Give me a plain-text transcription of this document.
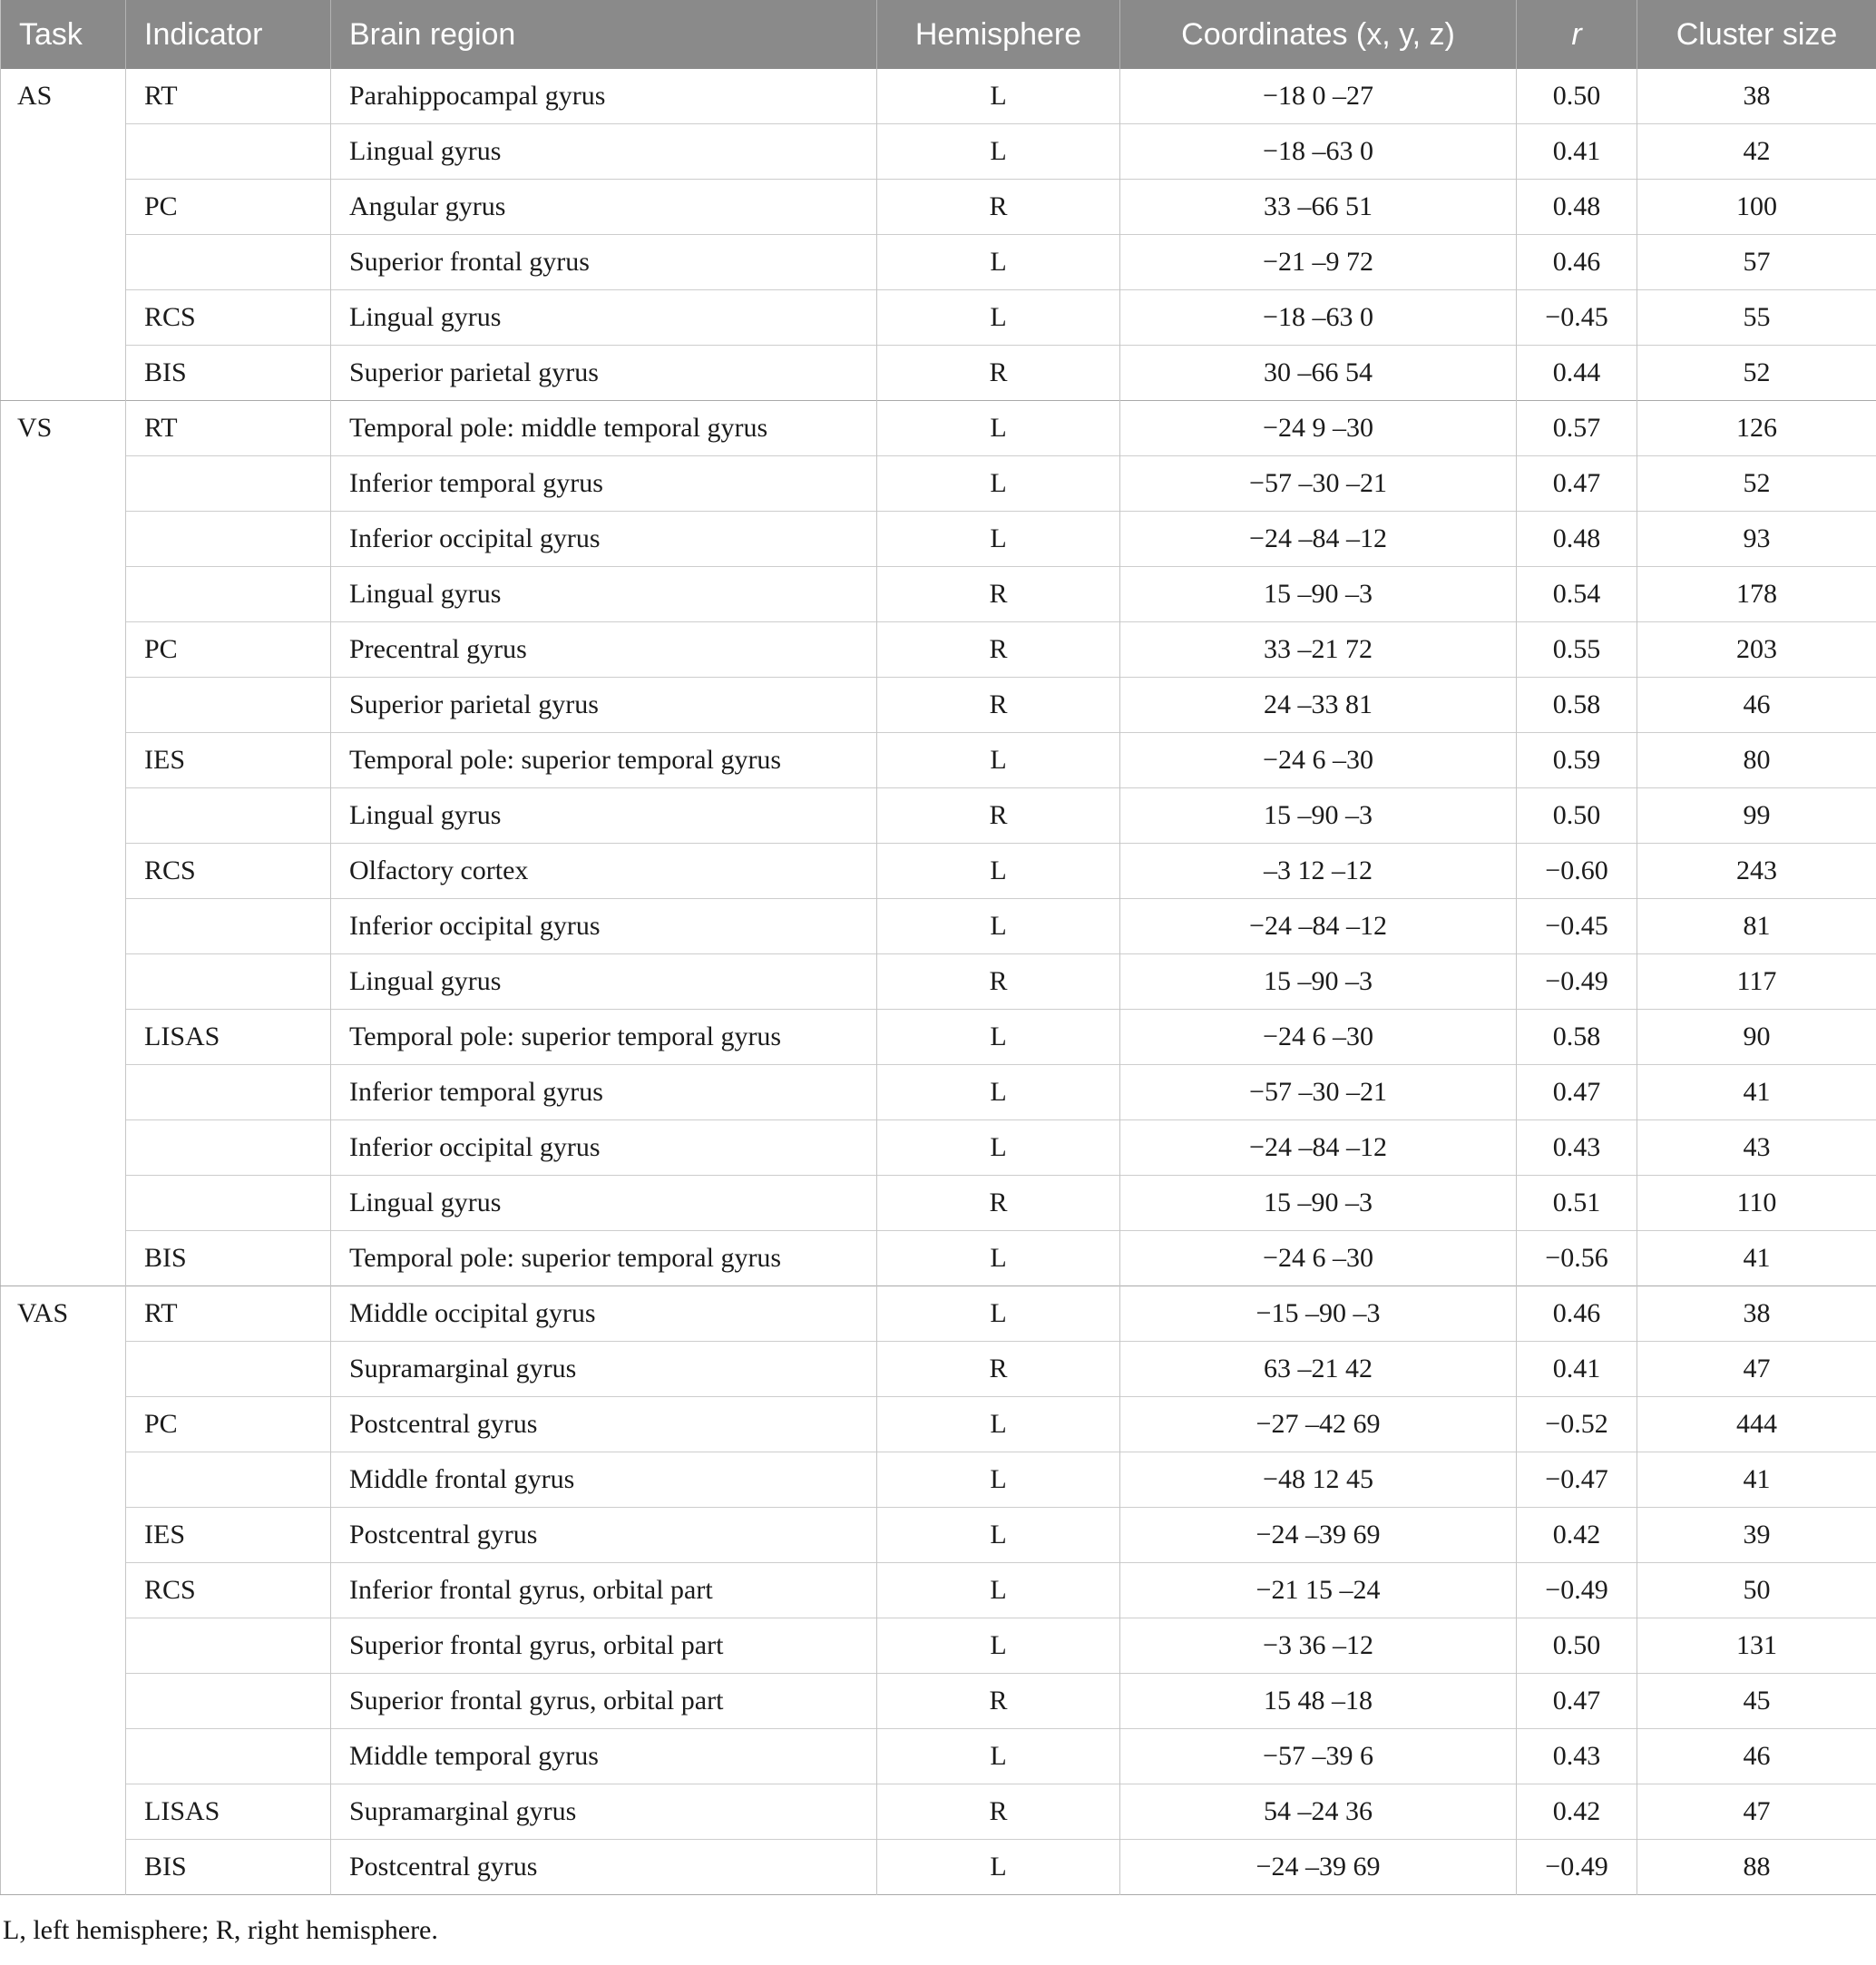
Task	Indicator	Brain region	Hemisphere	Coordinates (x, y, z)	r	Cluster size
AS	RT	Parahippocampal gyrus	L	−18 0 –27	0.50	38
		Lingual gyrus	L	−18 –63 0	0.41	42
	PC	Angular gyrus	R	33 –66 51	0.48	100
		Superior frontal gyrus	L	−21 –9 72	0.46	57
	RCS	Lingual gyrus	L	−18 –63 0	−0.45	55
	BIS	Superior parietal gyrus	R	30 –66 54	0.44	52
VS	RT	Temporal pole: middle temporal gyrus	L	−24 9 –30	0.57	126
		Inferior temporal gyrus	L	−57 –30 –21	0.47	52
		Inferior occipital gyrus	L	−24 –84 –12	0.48	93
		Lingual gyrus	R	15 –90 –3	0.54	178
	PC	Precentral gyrus	R	33 –21 72	0.55	203
		Superior parietal gyrus	R	24 –33 81	0.58	46
	IES	Temporal pole: superior temporal gyrus	L	−24 6 –30	0.59	80
		Lingual gyrus	R	15 –90 –3	0.50	99
	RCS	Olfactory cortex	L	–3 12 –12	−0.60	243
		Inferior occipital gyrus	L	−24 –84 –12	−0.45	81
		Lingual gyrus	R	15 –90 –3	−0.49	117
	LISAS	Temporal pole: superior temporal gyrus	L	−24 6 –30	0.58	90
		Inferior temporal gyrus	L	−57 –30 –21	0.47	41
		Inferior occipital gyrus	L	−24 –84 –12	0.43	43
		Lingual gyrus	R	15 –90 –3	0.51	110
	BIS	Temporal pole: superior temporal gyrus	L	−24 6 –30	−0.56	41
VAS	RT	Middle occipital gyrus	L	−15 –90 –3	0.46	38
		Supramarginal gyrus	R	63 –21 42	0.41	47
	PC	Postcentral gyrus	L	−27 –42 69	−0.52	444
		Middle frontal gyrus	L	−48 12 45	−0.47	41
	IES	Postcentral gyrus	L	−24 –39 69	0.42	39
	RCS	Inferior frontal gyrus, orbital part	L	−21 15 –24	−0.49	50
		Superior frontal gyrus, orbital part	L	−3 36 –12	0.50	131
		Superior frontal gyrus, orbital part	R	15 48 –18	0.47	45
		Middle temporal gyrus	L	−57 –39 6	0.43	46
	LISAS	Supramarginal gyrus	R	54 –24 36	0.42	47
	BIS	Postcentral gyrus	L	−24 –39 69	−0.49	88
L, left hemisphere; R, right hemisphere.
